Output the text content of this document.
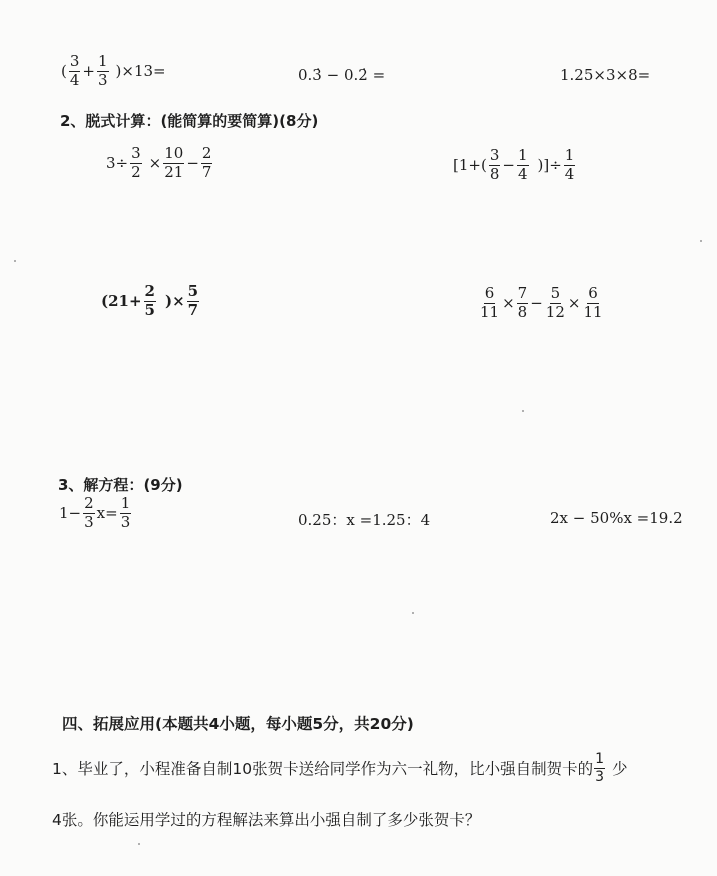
( $\frac{3}{4} + \frac{1}{3} )\times 13=$	0.3̇ − 0.2̇ =	1.25×3×8=
2、脱式计算：(能简算的要简算)(8分)
$3\div \frac{3}{2} \times \frac{10}{21} - \frac{2}{7}$	[$1+( \frac{3}{8} - \frac{1}{4}$ )]÷ $\frac{1}{4}$
($21+ \frac{2}{5}$ )× $\frac{5}{7}$	$\frac{6}{11} \times \frac{7}{8} - \frac{5}{12} \times \frac{6}{11}$
3、解方程：(9分)
$1- \frac{2}{3} x= \frac{1}{3}$	0.25：x =1.25：4	2x − 50%x =19.2
四、拓展应用(本题共4小题，每小题5分，共20分)
1、毕业了，小程准备自制10张贺卡送给同学作为六一礼物，比小强自制贺卡的 $\frac{1}{3}$ 少
4张。你能运用学过的方程解法来算出小强自制了多少张贺卡？
